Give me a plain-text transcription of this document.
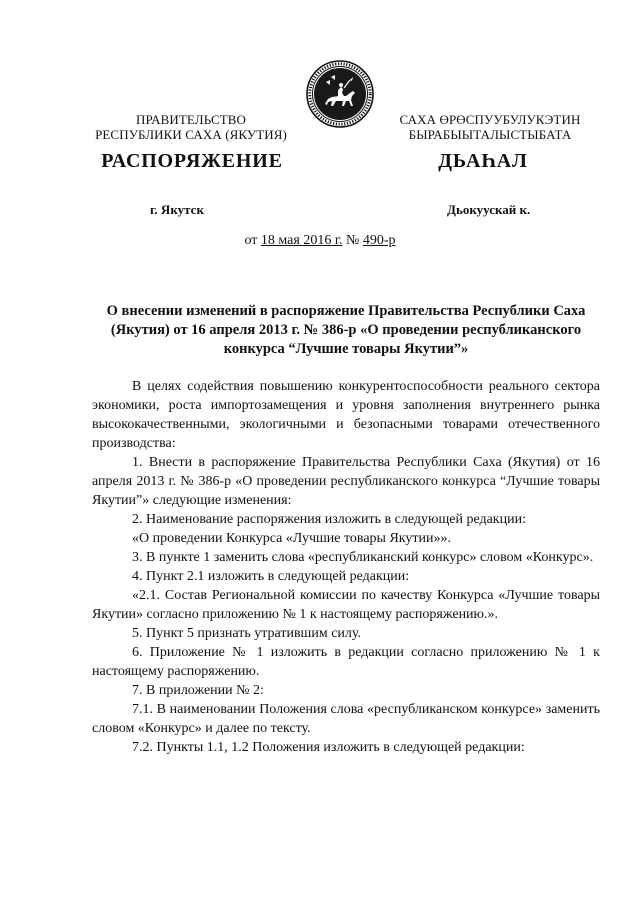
ПРАВИТЕЛЬСТВО
РЕСПУБЛИКИ САХА (ЯКУТИЯ)
САХА ӨРӨСПУУБУЛУКЭТИН
БЫРАБЫЫТАЛЫСТЫБАТА
РАСПОРЯЖЕНИЕ	ДЬАҺАЛ
г. Якутск	Дьокуускай к.
от 18 мая 2016 г. № 490-р
О внесении изменений в распоряжение Правительства Республики Саха (Якутия) от 16 апреля 2013 г. № 386-р «О проведении республиканского конкурса “Лучшие товары Якутии”»

В целях содействия повышению конкурентоспособности реального сектора экономики, роста импортозамещения и уровня заполнения внутреннего рынка высококачественными, экологичными и безопасными товарами отечественного производства:

1. Внести в распоряжение Правительства Республики Саха (Якутия) от 16 апреля 2013 г. № 386-р «О проведении республиканского конкурса “Лучшие товары Якутии”» следующие изменения:

2. Наименование распоряжения изложить в следующей редакции:

«О проведении Конкурса «Лучшие товары Якутии»».

3. В пункте 1 заменить слова «республиканский конкурс» словом «Конкурс».

4. Пункт 2.1 изложить в следующей редакции:

«2.1. Состав Региональной комиссии по качеству Конкурса «Лучшие товары Якутии» согласно приложению № 1 к настоящему распоряжению.».

5. Пункт 5 признать утратившим силу.

6. Приложение № 1 изложить в редакции согласно приложению № 1 к настоящему распоряжению.

7. В приложении № 2:

7.1. В наименовании Положения слова «республиканском конкурсе» заменить словом «Конкурс» и далее по тексту.

7.2. Пункты 1.1, 1.2 Положения изложить в следующей редакции:
